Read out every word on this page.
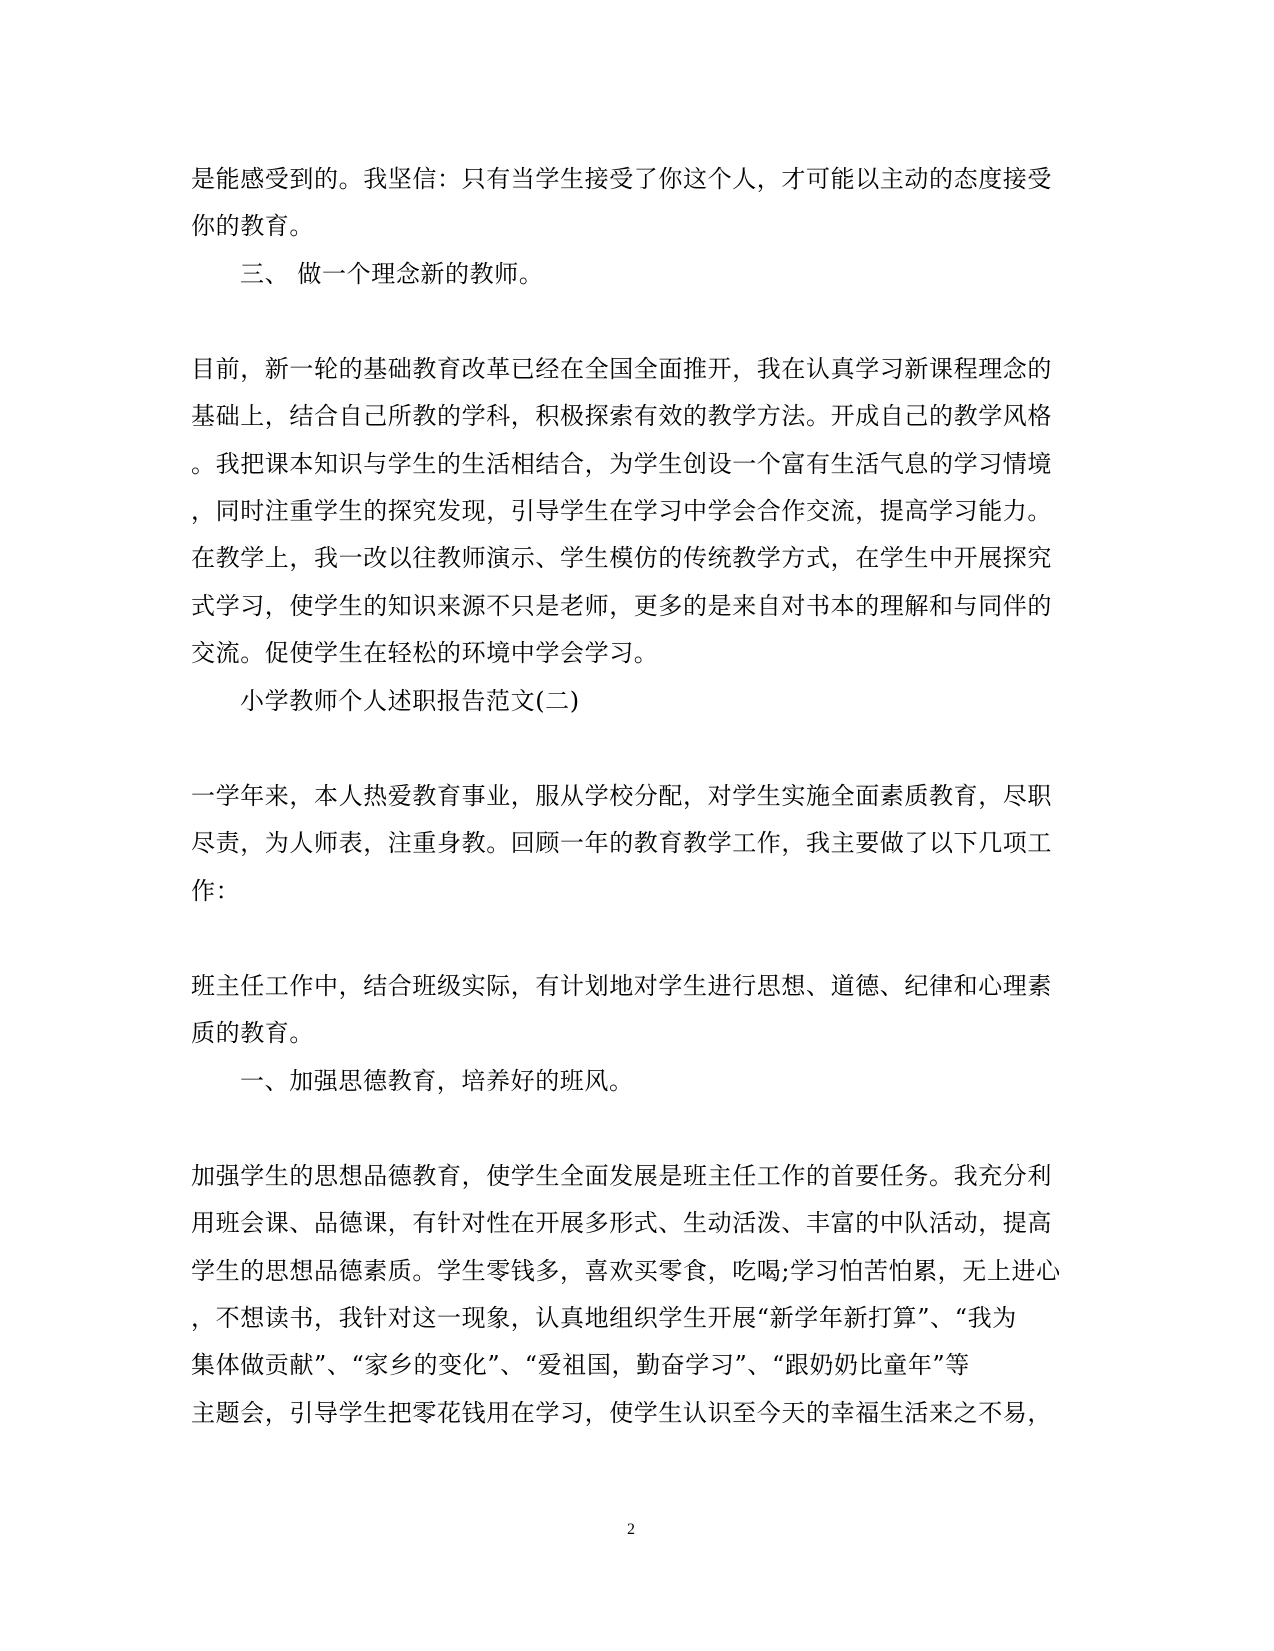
是能感受到的。我坚信：只有当学生接受了你这个人，才可能以主动的态度接受
你的教育。
三、 做一个理念新的教师。
目前，新一轮的基础教育改革已经在全国全面推开，我在认真学习新课程理念的
基础上，结合自己所教的学科，积极探索有效的教学方法。开成自己的教学风格
。我把课本知识与学生的生活相结合，为学生创设一个富有生活气息的学习情境
，同时注重学生的探究发现，引导学生在学习中学会合作交流，提高学习能力。
在教学上，我一改以往教师演示、学生模仿的传统教学方式，在学生中开展探究
式学习，使学生的知识来源不只是老师，更多的是来自对书本的理解和与同伴的
交流。促使学生在轻松的环境中学会学习。
小学教师个人述职报告范文(二)
一学年来，本人热爱教育事业，服从学校分配，对学生实施全面素质教育，尽职
尽责，为人师表，注重身教。回顾一年的教育教学工作，我主要做了以下几项工
作：
班主任工作中，结合班级实际，有计划地对学生进行思想、道德、纪律和心理素
质的教育。
一、加强思德教育，培养好的班风。
加强学生的思想品德教育，使学生全面发展是班主任工作的首要任务。我充分利
用班会课、品德课，有针对性在开展多形式、生动活泼、丰富的中队活动，提高
学生的思想品德素质。学生零钱多，喜欢买零食，吃喝;学习怕苦怕累，无上进心
，不想读书，我针对这一现象，认真地组织学生开展“新学年新打算”、“我为
集体做贡献”、“家乡的变化”、“爱祖国，勤奋学习”、“跟奶奶比童年”等
主题会，引导学生把零花钱用在学习，使学生认识至今天的幸福生活来之不易，
2
